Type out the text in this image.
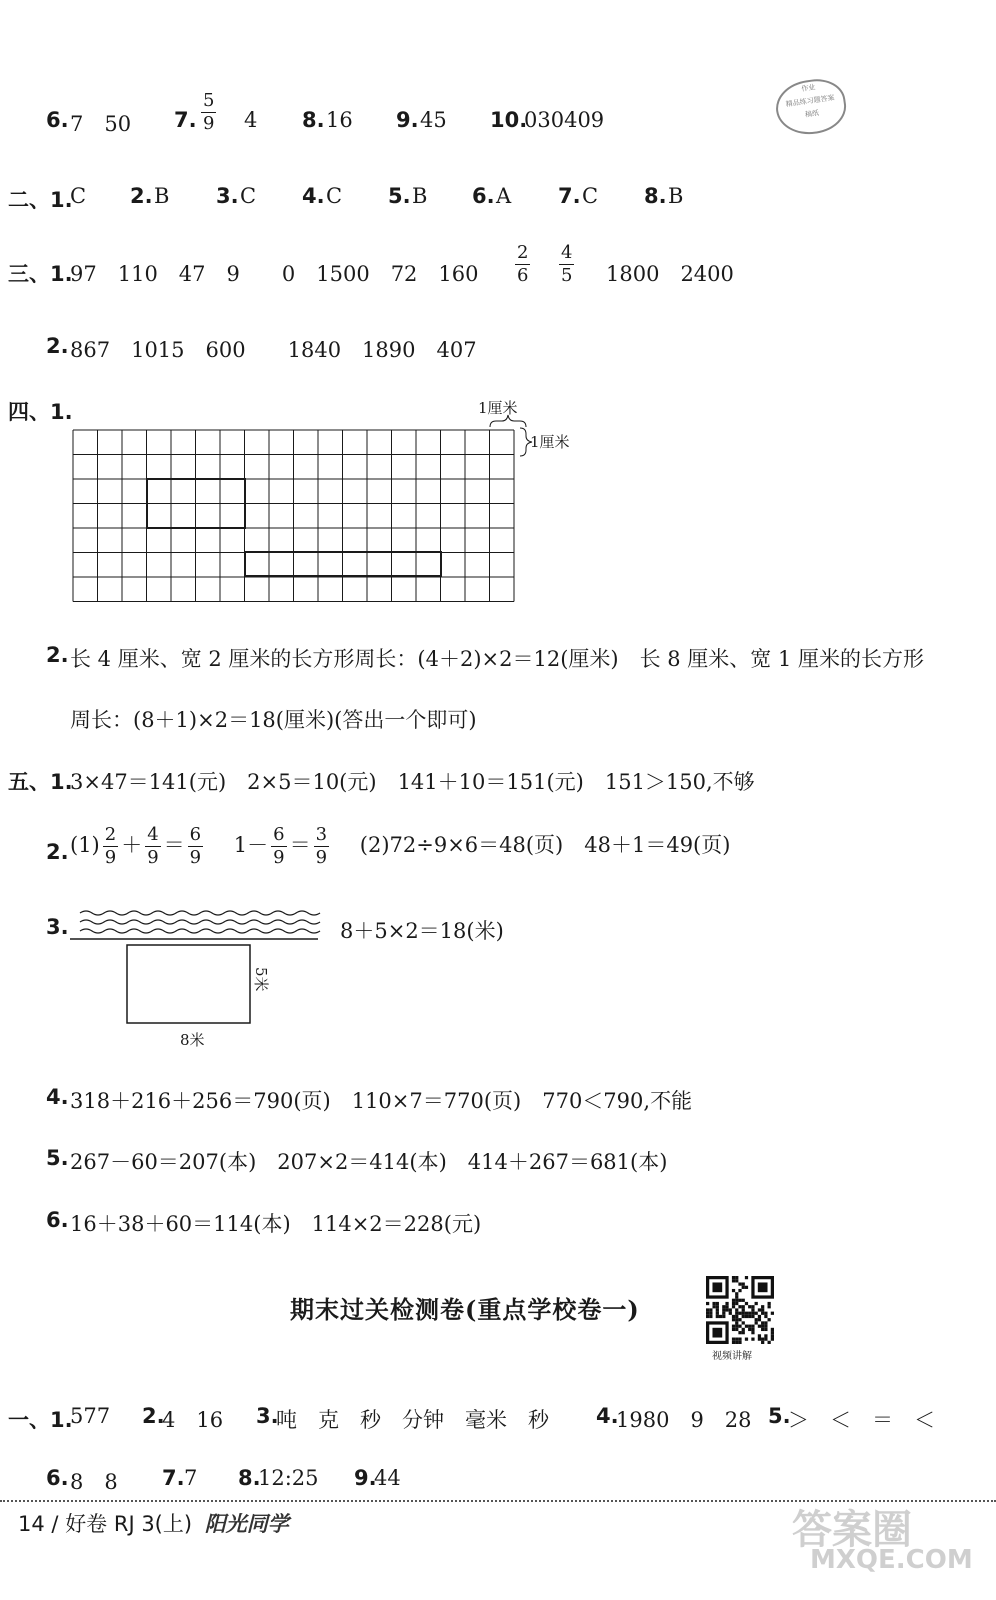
6. 7　50 7. $\frac{5}{9} 4$ 8. 16 9. 45 10.
030409
作业
精品练习题答案
稿纸
二、1.
C 2. B 3. C 4. C 5. B 6. A 7. C 8. B
三、1.
97　110　47　9　　0　1500　72　$160 \frac{2}{6} \frac{4}{5} 1800$　2400
2. 867　1015　600　　1840　1890　407
四、1.	1厘米
1厘米
2. 长 4 厘米、宽 2 厘米的长方形周长：(4＋2)×2＝12(厘米)　长 8 厘米、宽 1 厘米的长方形
周长：(8＋1)×2＝18(厘米)(答出一个即可)
五、1.
3×47＝141(元)　2×5＝10(元)　141＋10＝151(元)　151＞150,不够
2. $(1) \frac{2}{9} + \frac{4}{9} = \frac{6}{9}$
　 $1- \frac{6}{9} = \frac{3}{9}$
　 (2)72÷9×6＝48(页)　48＋1＝49(页)
3.	8＋5×2＝18(米)
8米
5米
4. 318＋216＋256＝790(页)　110×7＝770(页)　770＜790,不能
5. 267－60＝207(本)　207×2＝414(本)　414＋267＝681(本)
6. 16＋38＋60＝114(本)　114×2＝228(元)
期末过关检测卷(重点学校卷一)
视频讲解
一、1.
577 2.
4　16 3.
吨　克　秒　分钟　毫米　秒 4.
1980　9　28 5.
＞　＜　＝　＜
6. 8　8 7. 7 8.
12:25 9.
44
14 / 好卷 RJ 3(上) 阳光同学	答案圈
MXQE.COM
